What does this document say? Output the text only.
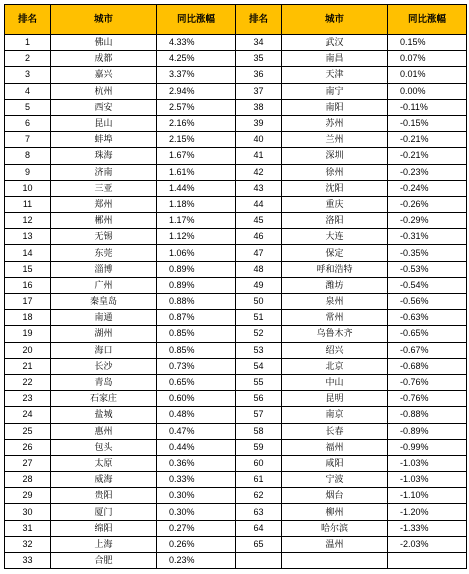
排名	城市	同比涨幅	排名	城市	同比涨幅
1	佛山	4.33%	34	武汉	0.15%
2	成都	4.25%	35	南昌	0.07%
3	嘉兴	3.37%	36	天津	0.01%
4	杭州	2.94%	37	南宁	0.00%
5	西安	2.57%	38	南阳	-0.11%
6	昆山	2.16%	39	苏州	-0.15%
7	蚌埠	2.15%	40	兰州	-0.21%
8	珠海	1.67%	41	深圳	-0.21%
9	济南	1.61%	42	徐州	-0.23%
10	三亚	1.44%	43	沈阳	-0.24%
11	郑州	1.18%	44	重庆	-0.26%
12	郴州	1.17%	45	洛阳	-0.29%
13	无锡	1.12%	46	大连	-0.31%
14	东莞	1.06%	47	保定	-0.35%
15	淄博	0.89%	48	呼和浩特	-0.53%
16	广州	0.89%	49	潍坊	-0.54%
17	秦皇岛	0.88%	50	泉州	-0.56%
18	南通	0.87%	51	常州	-0.63%
19	湖州	0.85%	52	乌鲁木齐	-0.65%
20	海口	0.85%	53	绍兴	-0.67%
21	长沙	0.73%	54	北京	-0.68%
22	青岛	0.65%	55	中山	-0.76%
23	石家庄	0.60%	56	昆明	-0.76%
24	盐城	0.48%	57	南京	-0.88%
25	惠州	0.47%	58	长春	-0.89%
26	包头	0.44%	59	福州	-0.99%
27	太原	0.36%	60	咸阳	-1.03%
28	威海	0.33%	61	宁波	-1.03%
29	贵阳	0.30%	62	烟台	-1.10%
30	厦门	0.30%	63	柳州	-1.20%
31	绵阳	0.27%	64	哈尔滨	-1.33%
32	上海	0.26%	65	温州	-2.03%
33	合肥	0.23%			
